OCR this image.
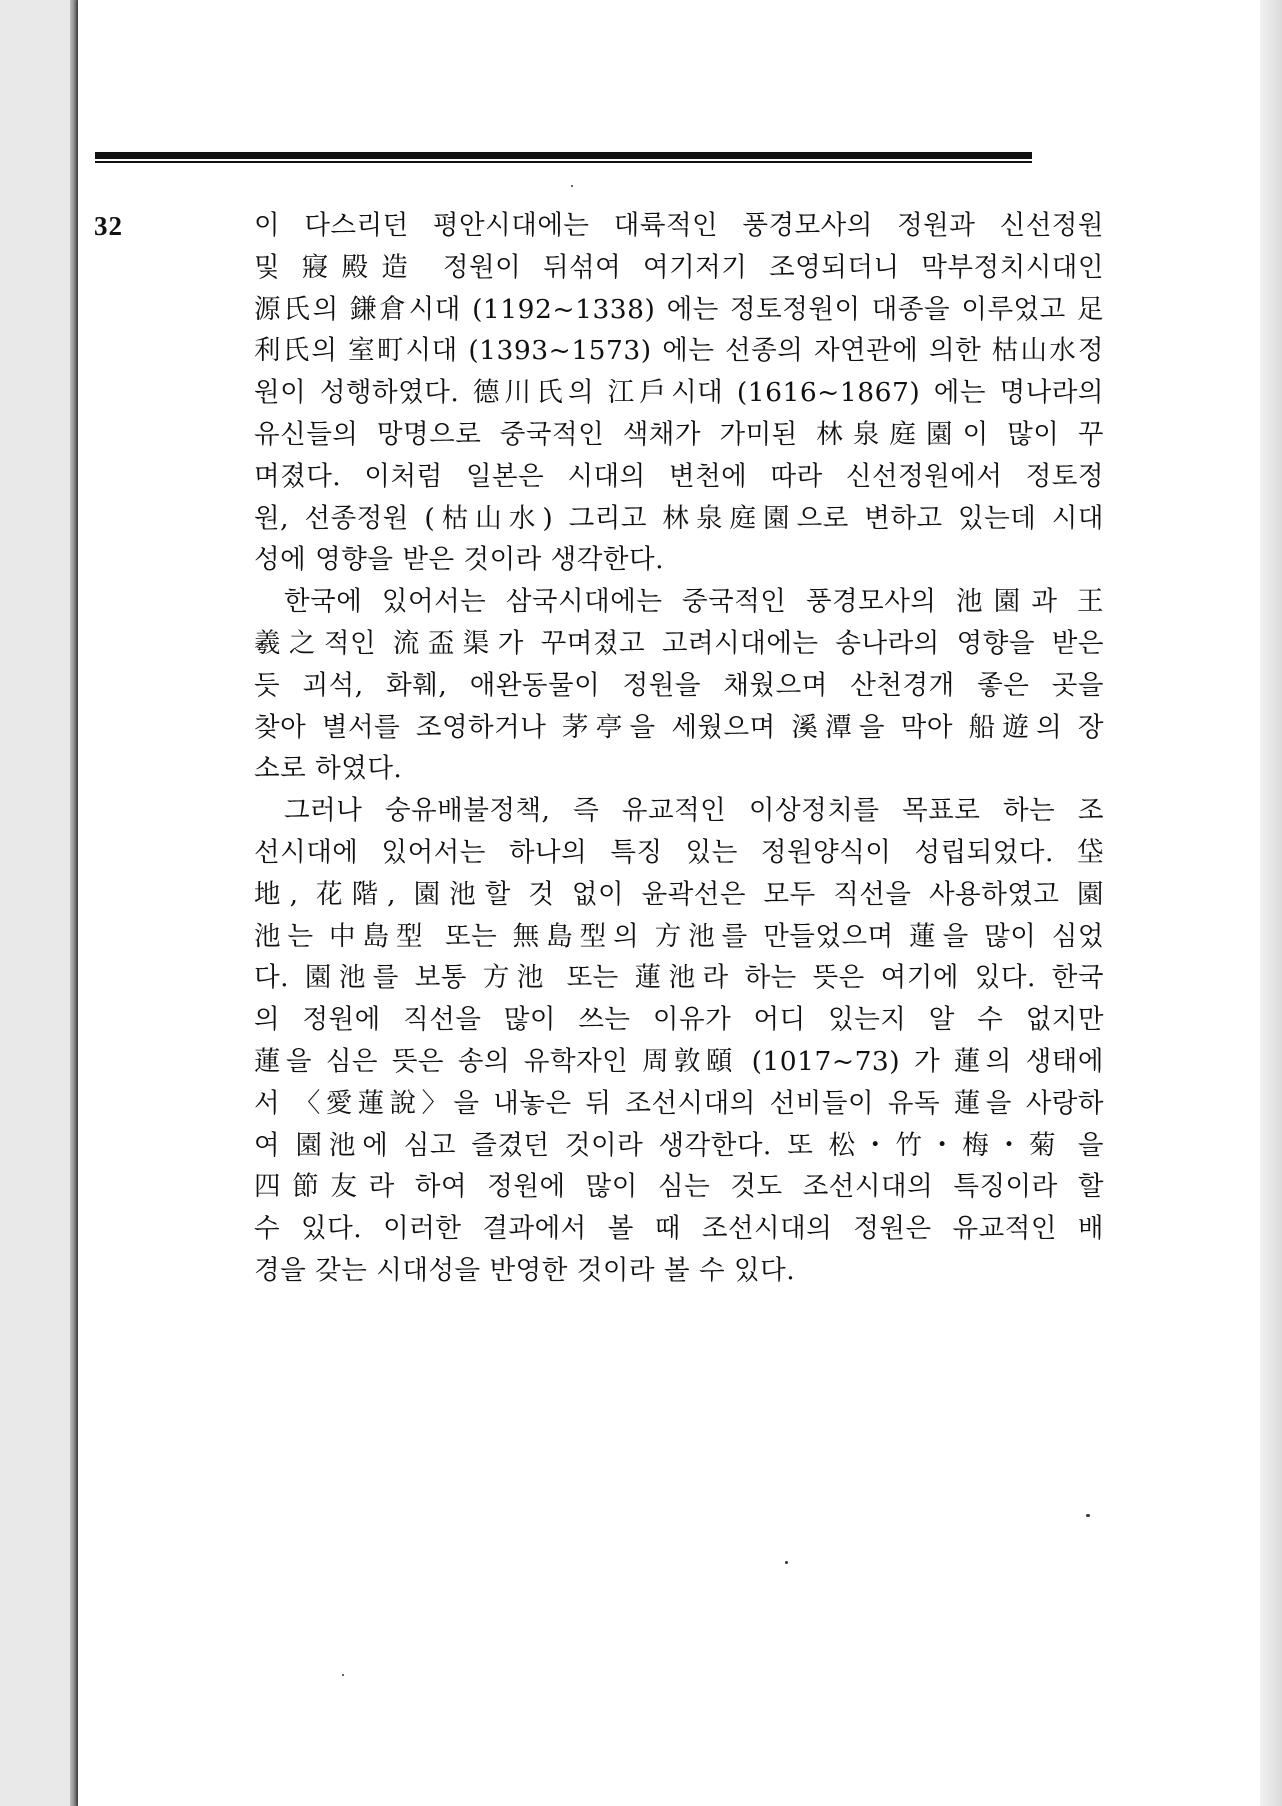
32	이 다스리던 평안시대에는 대륙적인 풍경모사의 정원과 신선정원
및 寢殿造 정원이 뒤섞여 여기저기 조영되더니 막부정치시대인
源氏의 鎌倉시대 (1192~1338) 에는 정토정원이 대종을 이루었고 足
利氏의 室町시대 (1393~1573) 에는 선종의 자연관에 의한 枯山水정
원이 성행하였다. 德川氏의 江戶시대 (1616~1867) 에는 명나라의
유신들의 망명으로 중국적인 색채가 가미된 林泉庭園이 많이 꾸
며졌다. 이처럼 일본은 시대의 변천에 따라 신선정원에서 정토정
원, 선종정원 (枯山水) 그리고 林泉庭園으로 변하고 있는데 시대
성에 영향을 받은 것이라 생각한다.
한국에 있어서는 삼국시대에는 중국적인 풍경모사의 池園과 王
羲之적인 流盃渠가 꾸며졌고 고려시대에는 송나라의 영향을 받은
듯 괴석, 화훼, 애완동물이 정원을 채웠으며 산천경개 좋은 곳을
찾아 별서를 조영하거나 茅亭을 세웠으며 溪潭을 막아 船遊의 장
소로 하였다.
그러나 숭유배불정책, 즉 유교적인 이상정치를 목표로 하는 조
선시대에 있어서는 하나의 특징 있는 정원양식이 성립되었다. 垈
地, 花階, 園池할 것 없이 윤곽선은 모두 직선을 사용하였고 園
池는 中島型 또는 無島型의 方池를 만들었으며 蓮을 많이 심었
다. 園池를 보통 方池 또는 蓮池라 하는 뜻은 여기에 있다. 한국
의 정원에 직선을 많이 쓰는 이유가 어디 있는지 알 수 없지만
蓮을 심은 뜻은 송의 유학자인 周敦頤 (1017~73) 가 蓮의 생태에
서 〈愛蓮說〉을 내놓은 뒤 조선시대의 선비들이 유독 蓮을 사랑하
여 園池에 심고 즐겼던 것이라 생각한다. 또 松・竹・梅・菊 을
四節友라 하여 정원에 많이 심는 것도 조선시대의 특징이라 할
수 있다. 이러한 결과에서 볼 때 조선시대의 정원은 유교적인 배
경을 갖는 시대성을 반영한 것이라 볼 수 있다.
